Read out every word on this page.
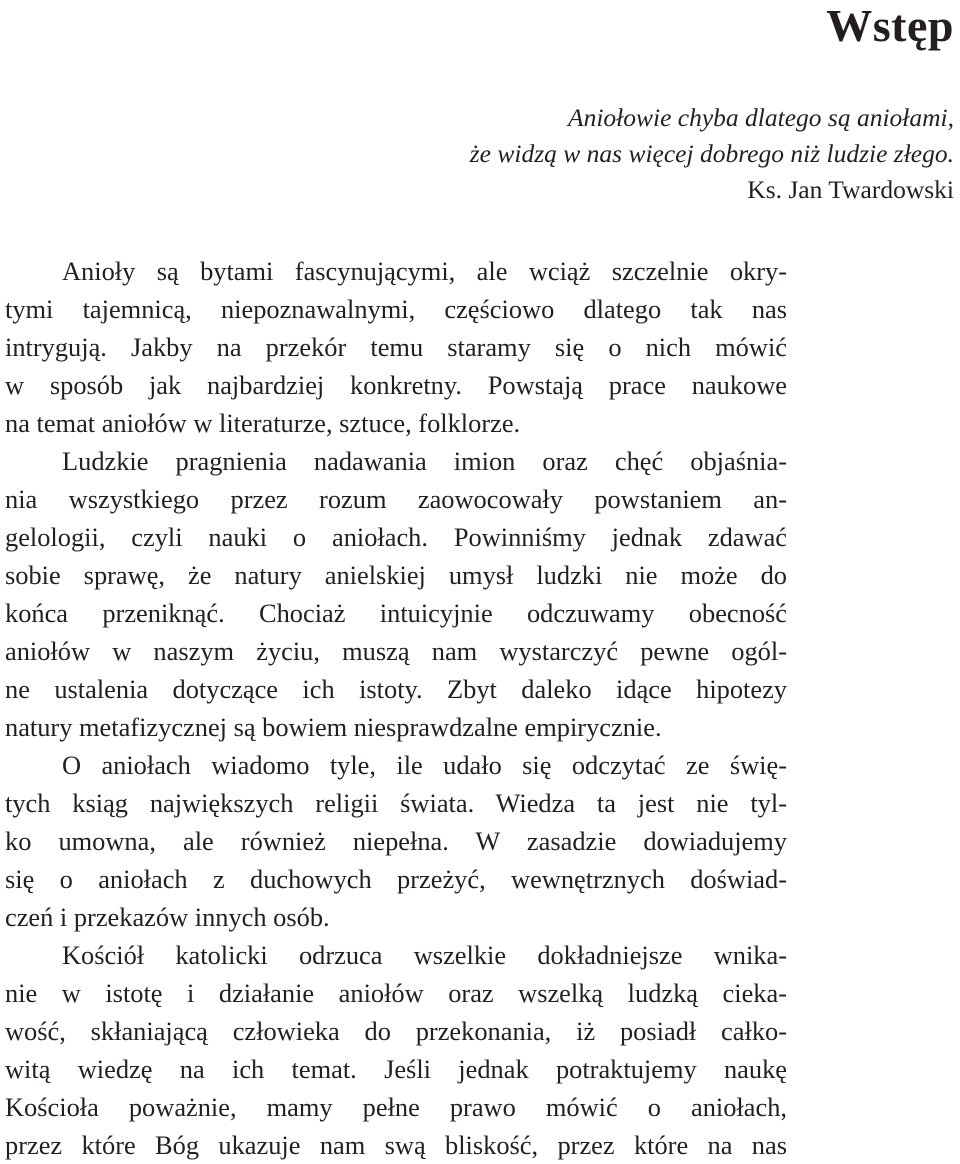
Wstęp
Aniołowie chyba dlatego są aniołami,
że widzą w nas więcej dobrego niż ludzie złego.
Ks. Jan Twardowski
Anioły są bytami fascynującymi, ale wciąż szczelnie okry-
tymi tajemnicą, niepoznawalnymi, częściowo dlatego tak nas
intrygują. Jakby na przekór temu staramy się o nich mówić
w sposób jak najbardziej konkretny. Powstają prace naukowe
na temat aniołów w literaturze, sztuce, folklorze.
Ludzkie pragnienia nadawania imion oraz chęć objaśnia-
nia wszystkiego przez rozum zaowocowały powstaniem an-
gelologii, czyli nauki o aniołach. Powinniśmy jednak zdawać
sobie sprawę, że natury anielskiej umysł ludzki nie może do
końca przeniknąć. Chociaż intuicyjnie odczuwamy obecność
aniołów w naszym życiu, muszą nam wystarczyć pewne ogól-
ne ustalenia dotyczące ich istoty. Zbyt daleko idące hipotezy
natury metafizycznej są bowiem niesprawdzalne empirycznie.
O aniołach wiadomo tyle, ile udało się odczytać ze świę-
tych ksiąg największych religii świata. Wiedza ta jest nie tyl-
ko umowna, ale również niepełna. W zasadzie dowiadujemy
się o aniołach z duchowych przeżyć, wewnętrznych doświad-
czeń i przekazów innych osób.
Kościół katolicki odrzuca wszelkie dokładniejsze wnika-
nie w istotę i działanie aniołów oraz wszelką ludzką cieka-
wość, skłaniającą człowieka do przekonania, iż posiadł całko-
witą wiedzę na ich temat. Jeśli jednak potraktujemy naukę
Kościoła poważnie, mamy pełne prawo mówić o aniołach,
przez które Bóg ukazuje nam swą bliskość, przez które na nas
